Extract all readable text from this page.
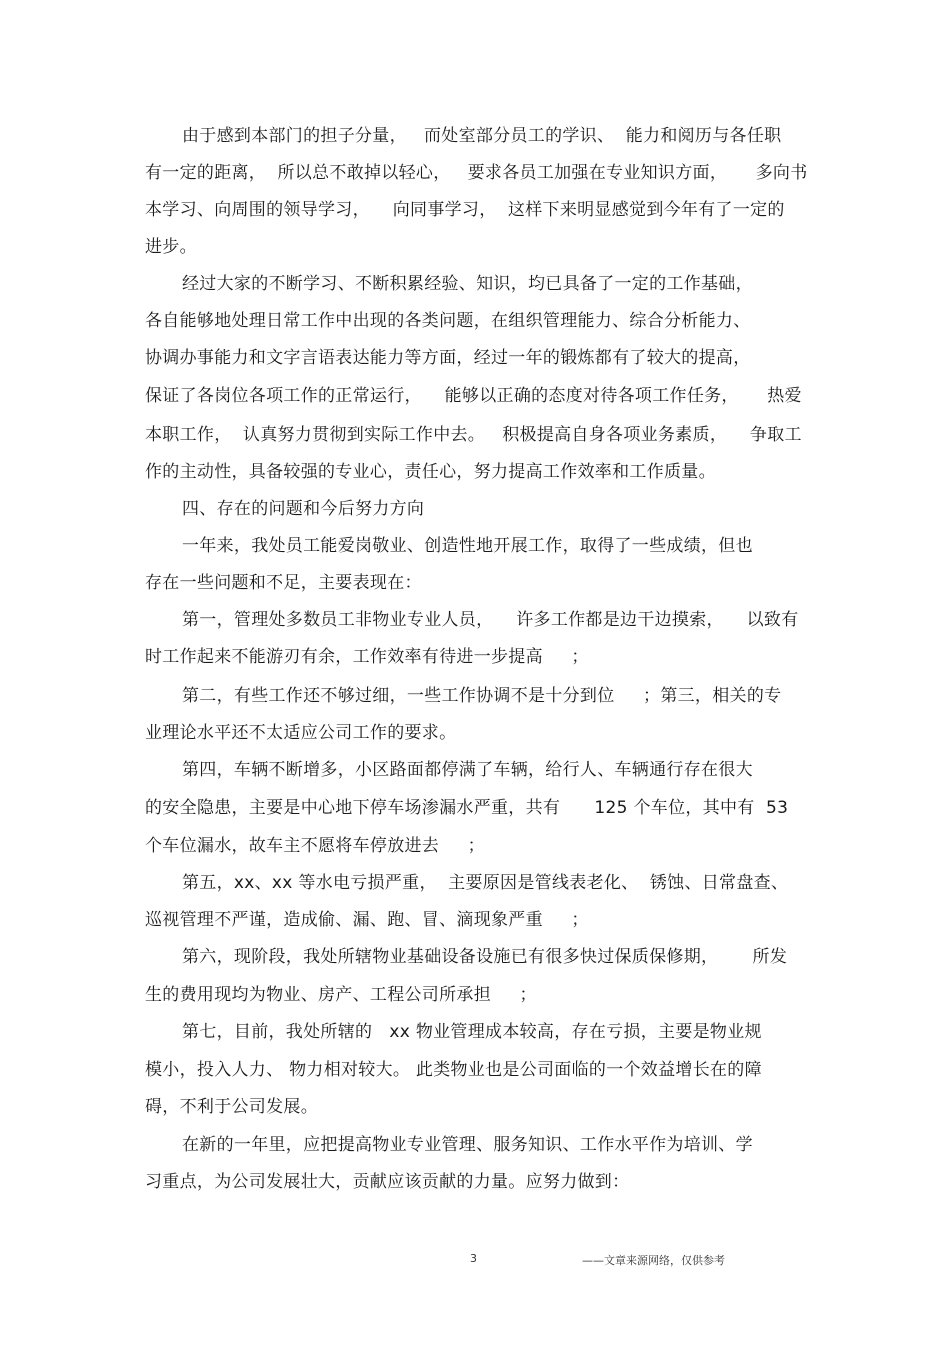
由于感到本部门的担子分量，   而处室部分员工的学识、  能力和阅历与各任职
有一定的距离，  所以总不敢掉以轻心，   要求各员工加强在专业知识方面，     多向书
本学习、向周围的领导学习，    向同事学习，  这样下来明显感觉到今年有了一定的
进步。
经过大家的不断学习、不断积累经验、知识，均已具备了一定的工作基础，
各自能够地处理日常工作中出现的各类问题，在组织管理能力、综合分析能力、
协调办事能力和文字言语表达能力等方面，经过一年的锻炼都有了较大的提高，
保证了各岗位各项工作的正常运行，    能够以正确的态度对待各项工作任务，     热爱
本职工作，  认真努力贯彻到实际工作中去。   积极提高自身各项业务素质，    争取工
作的主动性，具备较强的专业心，责任心，努力提高工作效率和工作质量。
四、存在的问题和今后努力方向
一年来，我处员工能爱岗敬业、创造性地开展工作，取得了一些成绩，但也
存在一些问题和不足，主要表现在：
第一，管理处多数员工非物业专业人员，    许多工作都是边干边摸索，    以致有
时工作起来不能游刃有余，工作效率有待进一步提高     ；
第二，有些工作还不够过细，一些工作协调不是十分到位     ；第三，相关的专
业理论水平还不太适应公司工作的要求。
第四，车辆不断增多，小区路面都停满了车辆，给行人、车辆通行存在很大
的安全隐患，主要是中心地下停车场渗漏水严重，共有      125 个车位，其中有  53
个车位漏水，故车主不愿将车停放进去     ；
第五，xx、xx 等水电亏损严重，  主要原因是管线表老化、  锈蚀、日常盘查、
巡视管理不严谨，造成偷、漏、跑、冒、滴现象严重     ；
第六，现阶段，我处所辖物业基础设备设施已有很多快过保质保修期，      所发
生的费用现均为物业、房产、工程公司所承担     ；
第七，目前，我处所辖的   xx 物业管理成本较高，存在亏损，主要是物业规
模小，投入人力、 物力相对较大。 此类物业也是公司面临的一个效益增长在的障
碍，不利于公司发展。
在新的一年里，应把提高物业专业管理、服务知识、工作水平作为培训、学
习重点，为公司发展壮大，贡献应该贡献的力量。应努力做到：
3	——文章来源网络，仅供参考
